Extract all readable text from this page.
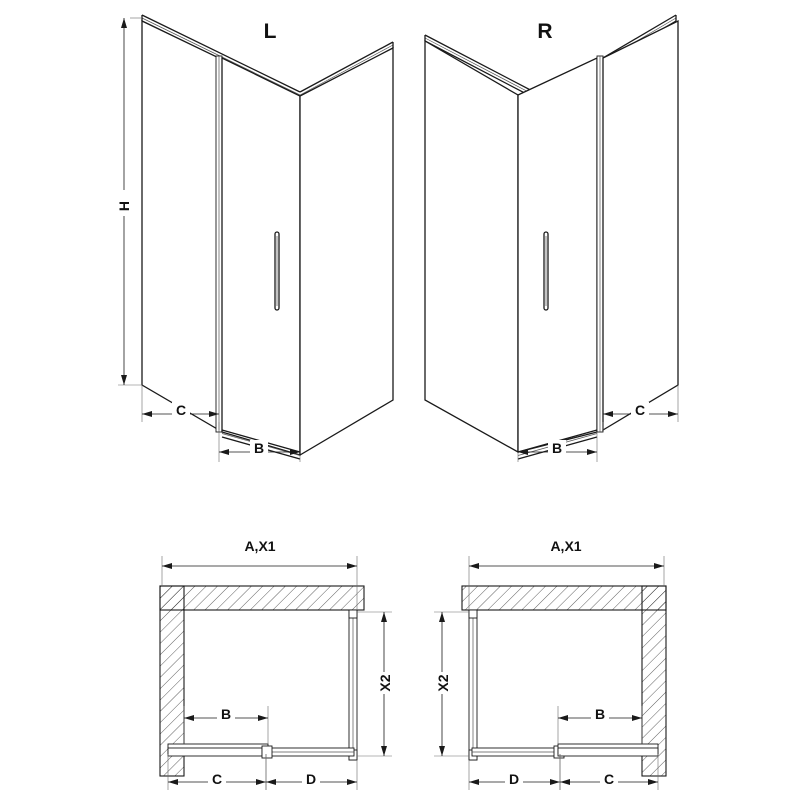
H
C
B
L
B
C
R
A,X1
X2
B
C	D
A,X1
X2
B
D	C
